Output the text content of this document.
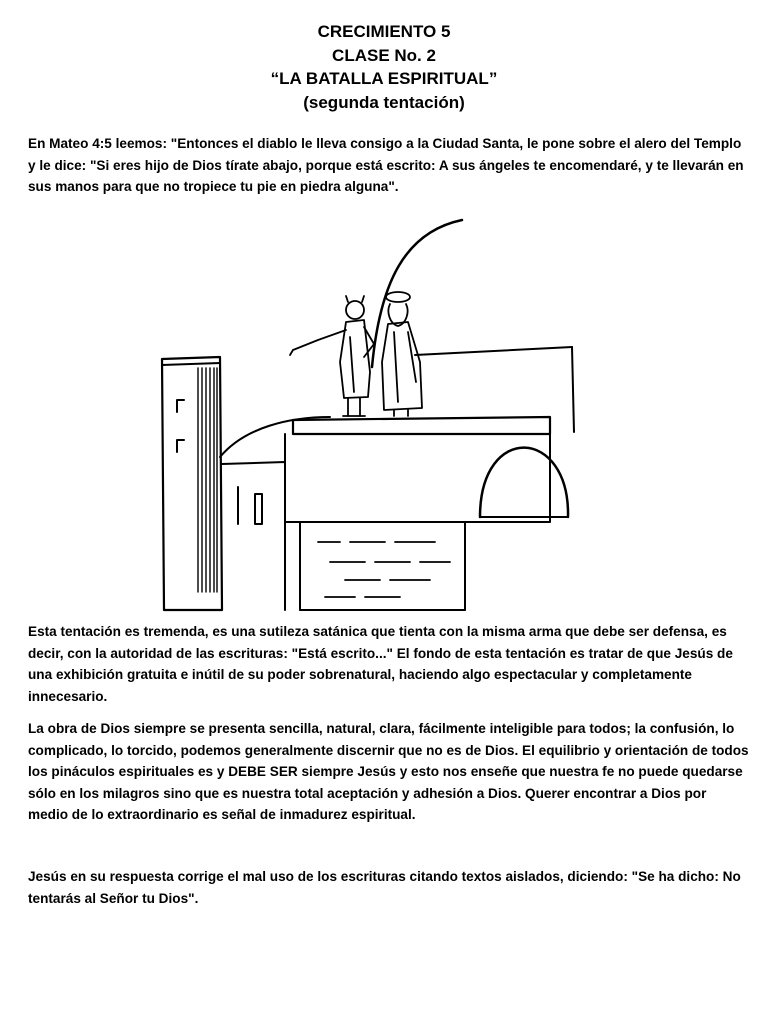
CRECIMIENTO 5
CLASE No. 2
“LA BATALLA ESPIRITUAL”
(segunda tentación)

En Mateo 4:5 leemos: "Entonces el diablo le lleva consigo a la Ciudad Santa, le pone sobre el alero del Templo y le dice: "Si eres hijo de Dios tírate abajo, porque está escrito: A sus ángeles te encomendaré, y te llevarán en sus manos para que no tropiece tu pie en piedra alguna".

Esta tentación es tremenda, es una sutileza satánica que tienta con la misma arma que debe ser defensa, es decir, con la autoridad de las escrituras: "Está escrito..." El fondo de esta tentación es tratar de que Jesús de una exhibición gratuita e inútil de su poder sobrenatural, haciendo algo espectacular y completamente innecesario.

La obra de Dios siempre se presenta sencilla, natural, clara, fácilmente inteligible para todos; la confusión, lo complicado, lo torcido, podemos generalmente discernir que no es de Dios. El equilibrio y orientación de todos los pináculos espirituales es y DEBE SER siempre Jesús y esto nos enseñe que nuestra fe no puede quedarse sólo en los milagros sino que es nuestra total aceptación y adhesión a Dios. Querer encontrar a Dios por medio de lo extraordinario es señal de inmadurez espiritual.

Jesús en su respuesta corrige el mal uso de los escrituras citando textos aislados, diciendo: "Se ha dicho: No tentarás al Señor tu Dios".
